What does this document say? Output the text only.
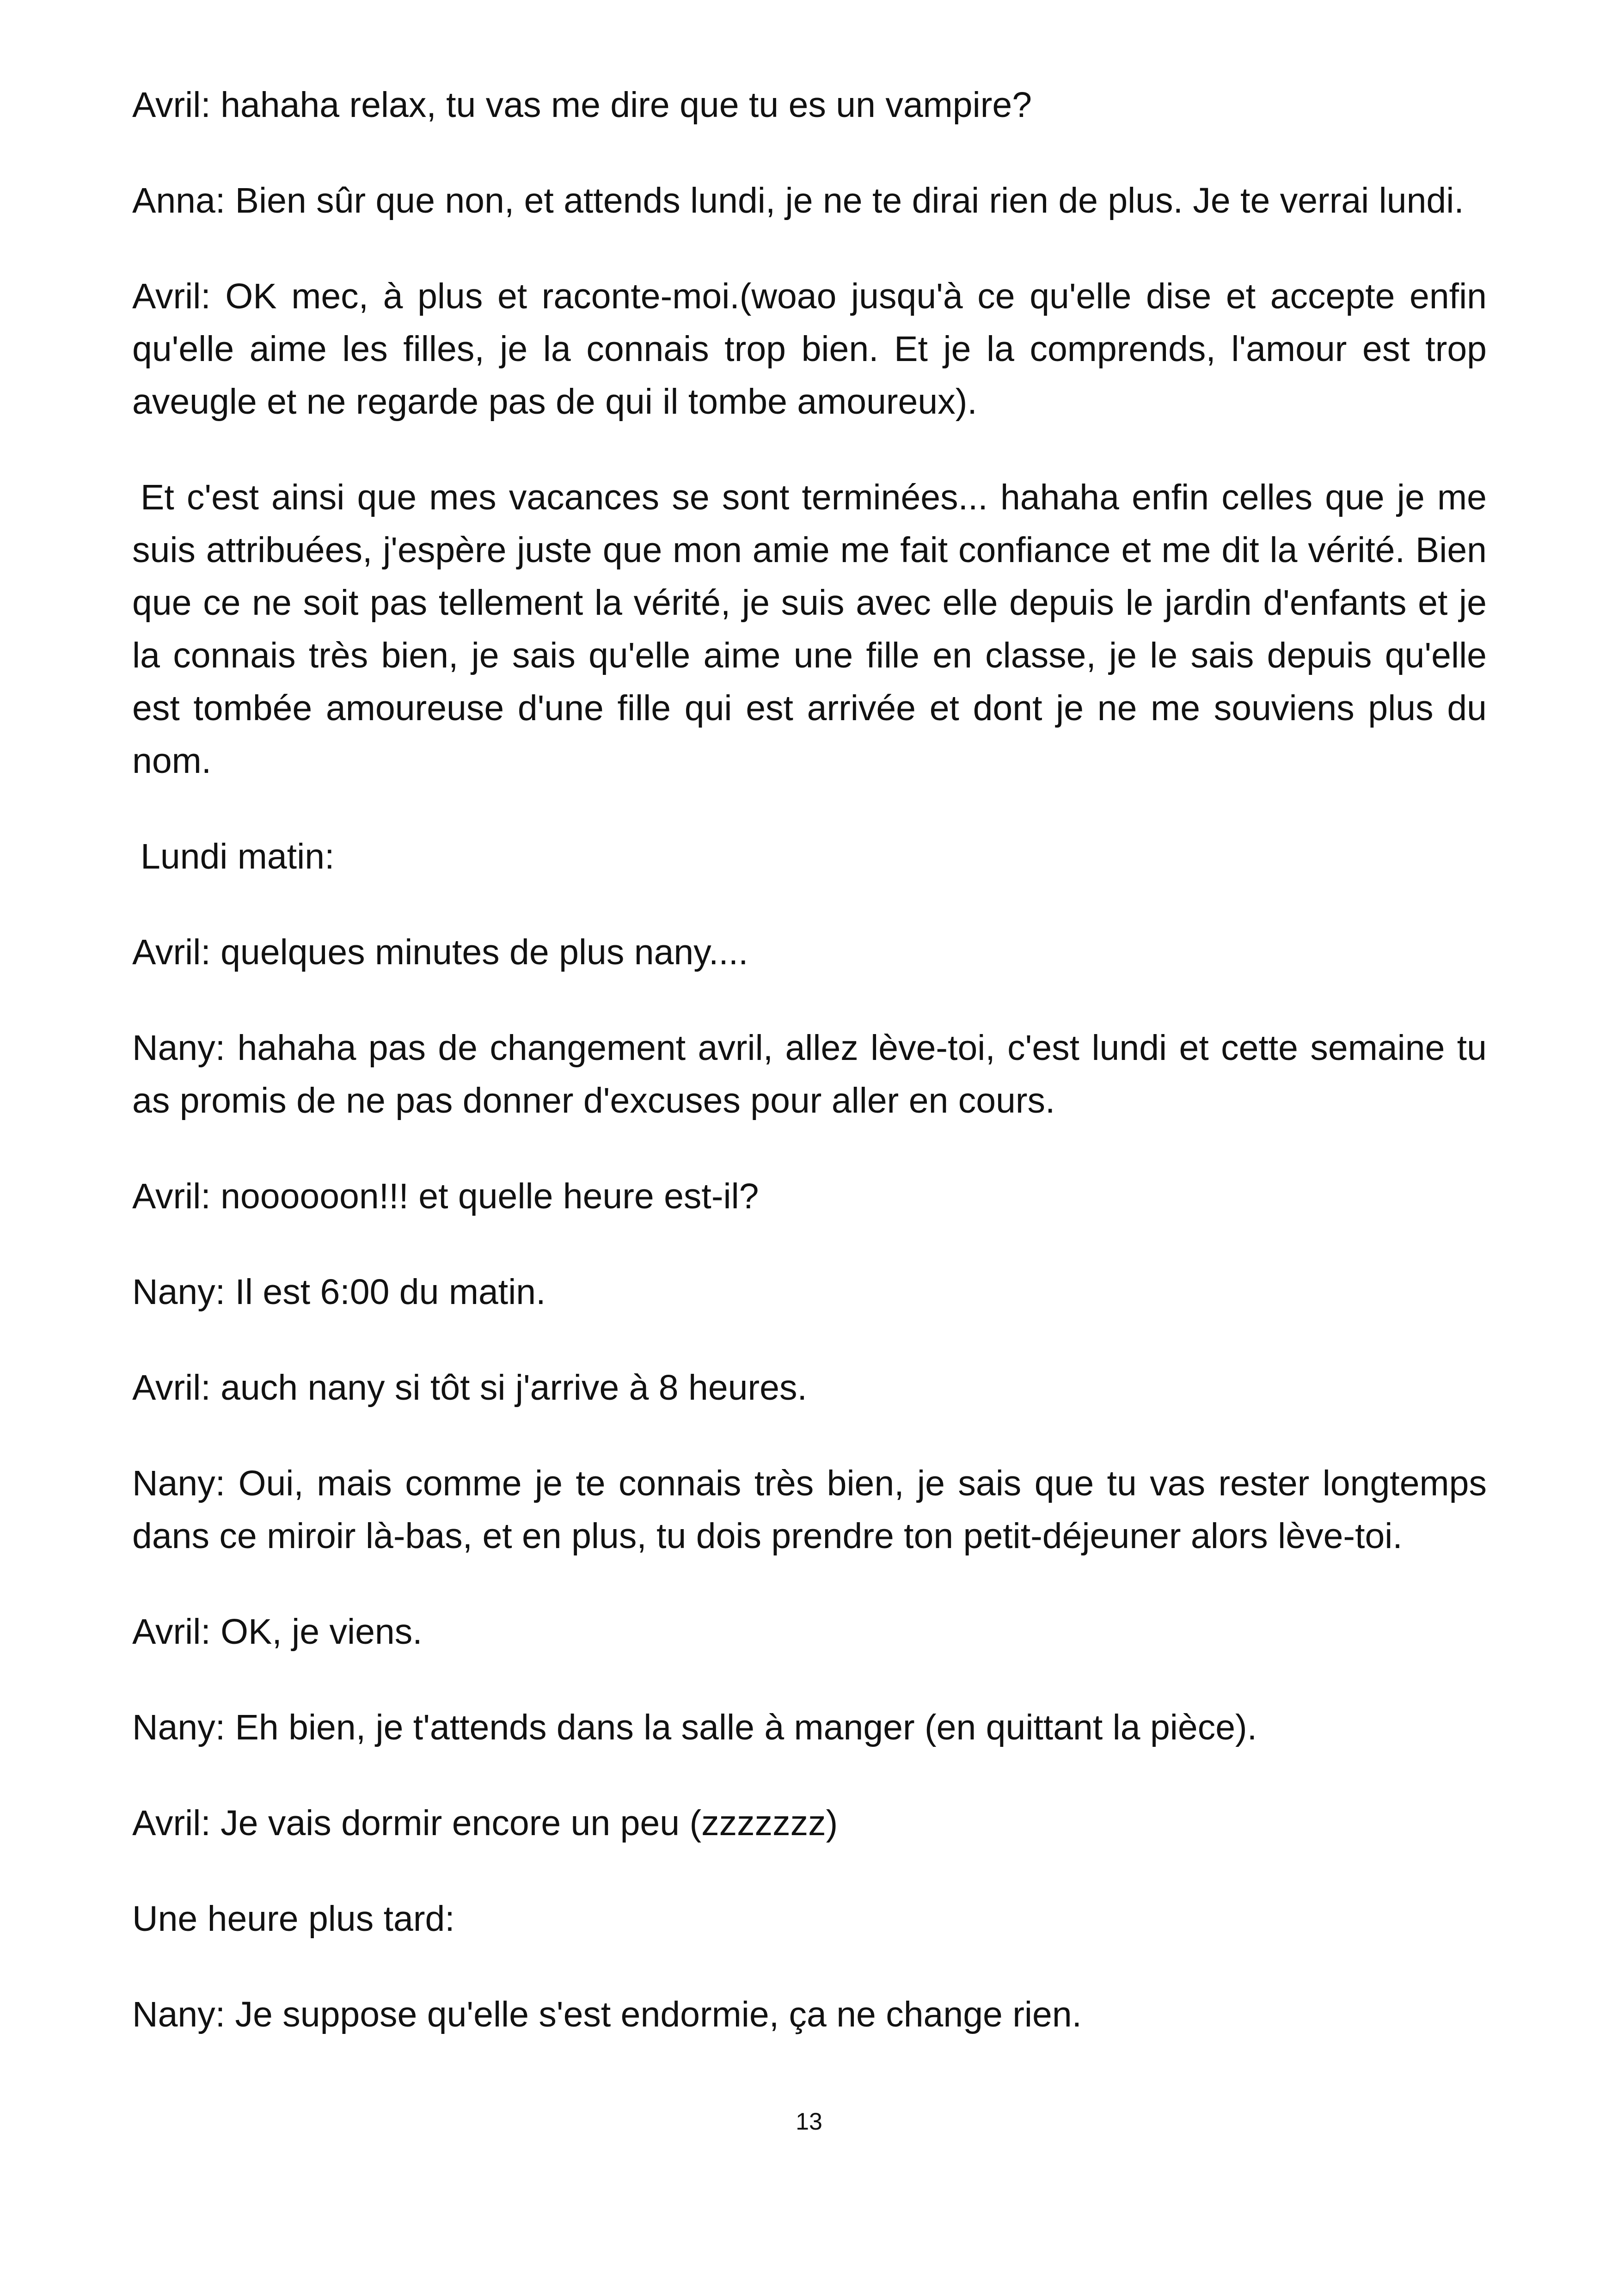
Avril: hahaha relax, tu vas me dire que tu es un vampire?

Anna: Bien sûr que non, et attends lundi, je ne te dirai rien de plus. Je te verrai lundi.

Avril: OK mec, à plus et raconte-moi.(woao jusqu'à ce qu'elle dise et accepte enfin qu'elle aime les filles, je la connais trop bien. Et je la comprends, l'amour est trop aveugle et ne regarde pas de qui il tombe amoureux).

Et c'est ainsi que mes vacances se sont terminées... hahaha enfin celles que je me suis attribuées, j'espère juste que mon amie me fait confiance et me dit la vérité. Bien que ce ne soit pas tellement la vérité, je suis avec elle depuis le jardin d'enfants et je la connais très bien, je sais qu'elle aime une fille en classe, je le sais depuis qu'elle est tombée amoureuse d'une fille qui est arrivée et dont je ne me souviens plus du nom.

Lundi matin:

Avril: quelques minutes de plus nany....

Nany: hahaha pas de changement avril, allez lève-toi, c'est lundi et cette semaine tu as promis de ne pas donner d'excuses pour aller en cours.

Avril: noooooon!!! et quelle heure est-il?

Nany: Il est 6:00 du matin.

Avril: auch nany si tôt si j'arrive à 8 heures.

Nany: Oui, mais comme je te connais très bien, je sais que tu vas rester longtemps dans ce miroir là-bas, et en plus, tu dois prendre ton petit-déjeuner alors lève-toi.

Avril: OK, je viens.

Nany: Eh bien, je t'attends dans la salle à manger (en quittant la pièce).

Avril: Je vais dormir encore un peu (zzzzzzz)

Une heure plus tard:

Nany: Je suppose qu'elle s'est endormie, ça ne change rien.

13
